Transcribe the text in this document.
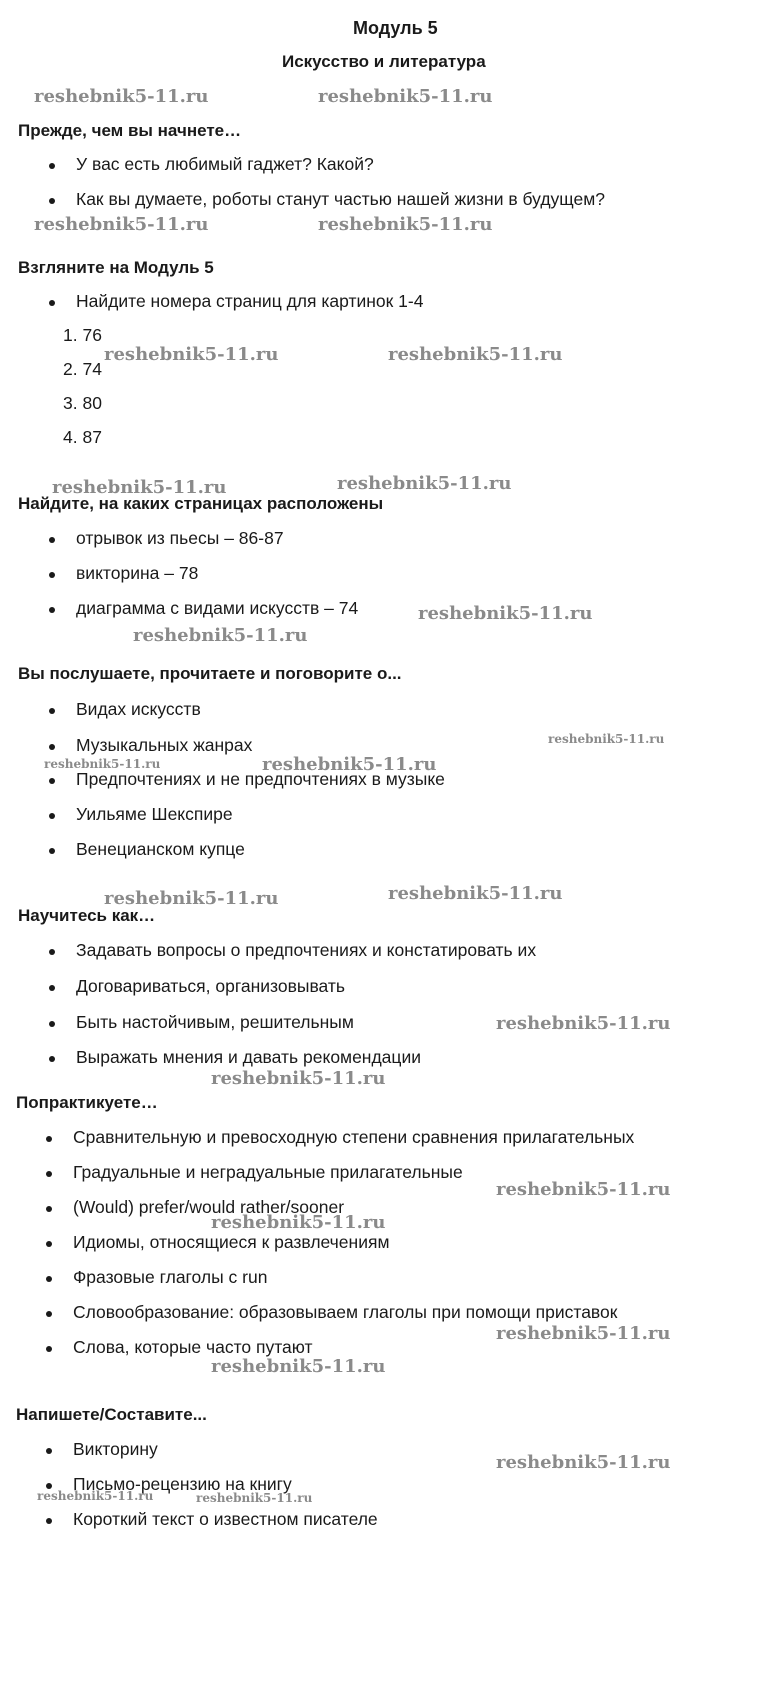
Модуль 5
Искусство и литература
Прежде, чем вы начнете…
У вас есть любимый гаджет? Какой?
Как вы думаете, роботы станут частью нашей жизни в будущем?
Взгляните на Модуль 5
Найдите номера страниц для картинок 1-4
1. 76
2. 74
3. 80
4. 87
Найдите, на каких страницах расположены
отрывок из пьесы – 86-87
викторина – 78
диаграмма с видами искусств – 74
Вы послушаете, прочитаете и поговорите о...
Видах искусств
Музыкальных жанрах
Предпочтениях и не предпочтениях в музыке
Уильяме Шекспире
Венецианском купце
Научитесь как…
Задавать вопросы о предпочтениях и констатировать их
Договариваться, организовывать
Быть настойчивым, решительным
Выражать мнения и давать рекомендации
Попрактикуете…
Сравнительную и превосходную степени сравнения прилагательных
Градуальные и неградуальные прилагательные
(Would) prefer/would rather/sooner
Идиомы, относящиеся к развлечениям
Фразовые глаголы с run
Словообразование: образовываем глаголы при помощи приставок
Слова, которые часто путают
Напишете/Составите...
Викторину
Письмо-рецензию на книгу
Короткий текст о известном писателе
reshebnik5-11.ru	reshebnik5-11.ru
reshebnik5-11.ru	reshebnik5-11.ru
reshebnik5-11.ru	reshebnik5-11.ru
reshebnik5-11.ru	reshebnik5-11.ru
reshebnik5-11.ru
reshebnik5-11.ru
reshebnik5-11.ru
reshebnik5-11.ru	reshebnik5-11.ru
reshebnik5-11.ru	reshebnik5-11.ru
reshebnik5-11.ru
reshebnik5-11.ru
reshebnik5-11.ru
reshebnik5-11.ru
reshebnik5-11.ru
reshebnik5-11.ru
reshebnik5-11.ru
reshebnik5-11.ru	reshebnik5-11.ru
